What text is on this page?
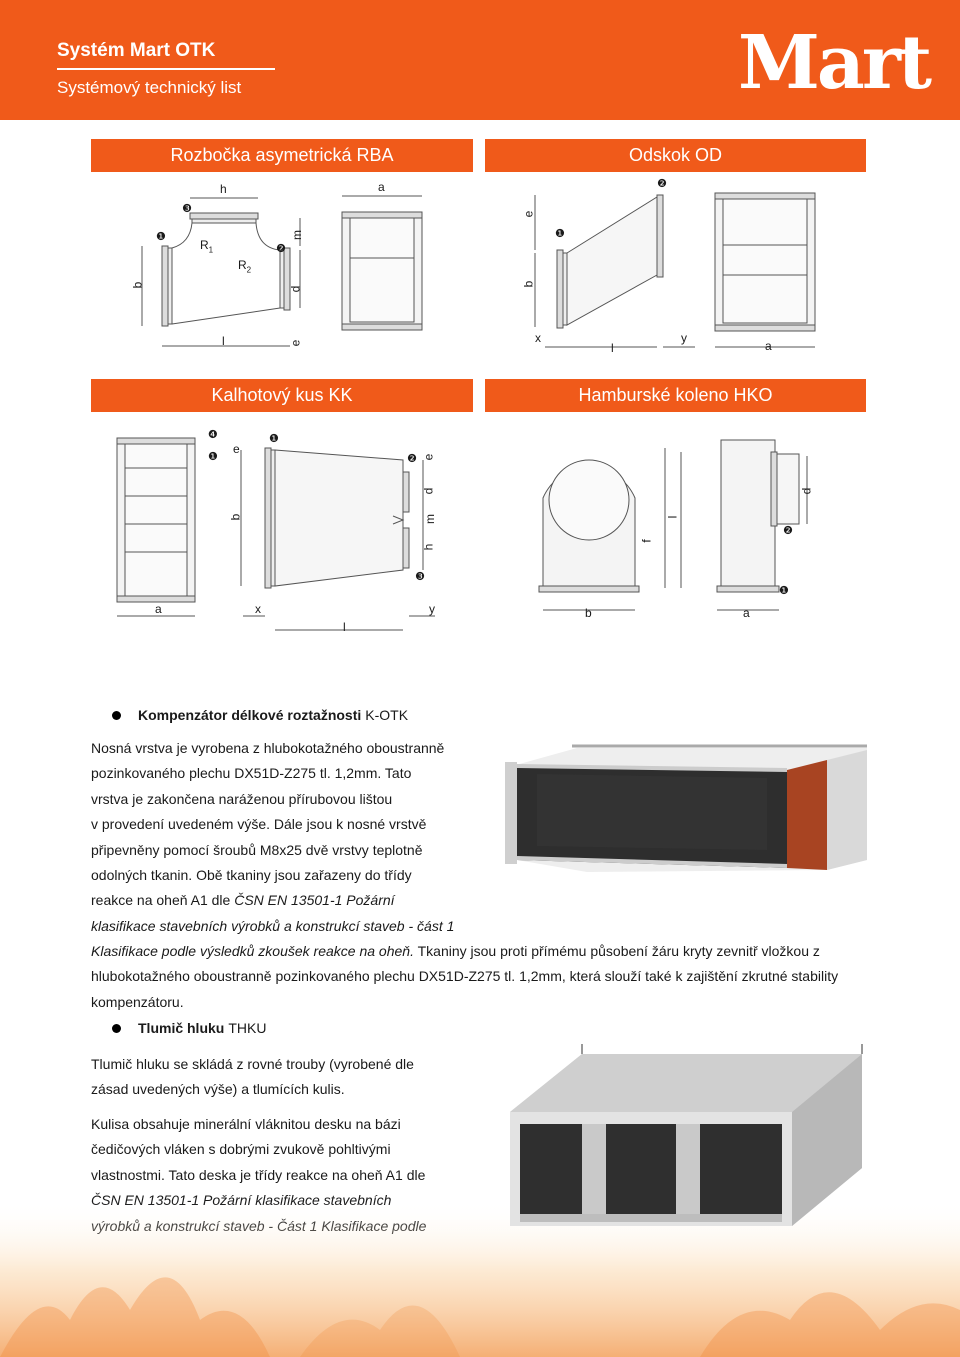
Systém Mart OTK
Systémový technický list	Mart
Rozbočka asymetrická RBA	Odskok OD
Kalhotový kus KK	Hamburské koleno HKO
h	a
❸
❶
❷
$R_1$
$R_2$
m
b
d
l	e
e
b
❶
❷
x
l
y
a
❶
❹
e
b
❶
❷
❸
e
d
m
h
a	x
l
y
f
l
b	a
d
❷
❶
Kompenzátor délkové roztažnosti K-OTK
Nosná vrstva je vyrobena z hlubokotažného oboustranně
pozinkovaného plechu DX51D-Z275 tl. 1,2mm. Tato
vrstva je zakončena naráženou přírubovou lištou
v provedení uvedeném výše. Dále jsou k nosné vrstvě
připevněny pomocí šroubů M8x25 dvě vrstvy teplotně
odolných tkanin. Obě tkaniny jsou zařazeny do třídy
reakce na oheň A1 dle ČSN EN 13501-1 Požární
klasifikace stavebních výrobků a konstrukcí staveb - část 1
Klasifikace podle výsledků zkoušek reakce na oheň. Tkaniny jsou proti přímému působení žáru kryty zevnitř vložkou z
hlubokotažného oboustranně pozinkovaného plechu DX51D-Z275 tl. 1,2mm, která slouží také k zajištění zkrutné stability
kompenzátoru.
Tlumič hluku THKU
Tlumič hluku se skládá z rovné trouby (vyrobené dle
zásad uvedených výše) a tlumících kulis.
Kulisa obsahuje minerální vláknitou desku na bázi
čedičových vláken s dobrými zvukově pohltivými
vlastnostmi. Tato deska je třídy reakce na oheň A1 dle
